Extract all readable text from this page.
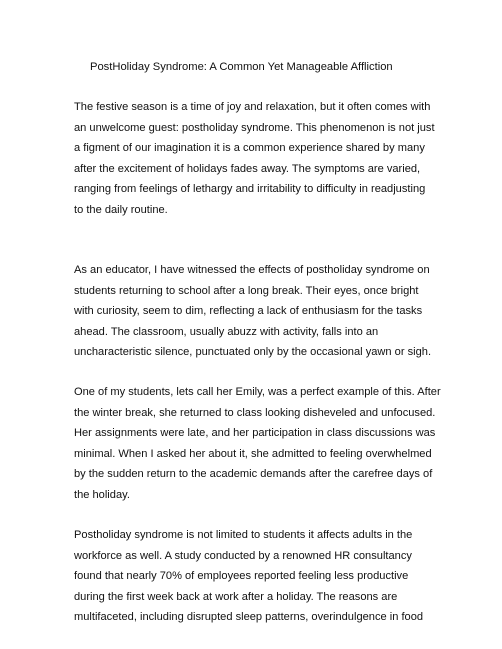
PostHoliday Syndrome: A Common Yet Manageable Affliction

The festive season is a time of joy and relaxation, but it often comes with
an unwelcome guest: postholiday syndrome. This phenomenon is not just
a figment of our imagination it is a common experience shared by many
after the excitement of holidays fades away. The symptoms are varied,
ranging from feelings of lethargy and irritability to difficulty in readjusting
to the daily routine.

As an educator, I have witnessed the effects of postholiday syndrome on
students returning to school after a long break. Their eyes, once bright
with curiosity, seem to dim, reflecting a lack of enthusiasm for the tasks
ahead. The classroom, usually abuzz with activity, falls into an
uncharacteristic silence, punctuated only by the occasional yawn or sigh.

One of my students, lets call her Emily, was a perfect example of this. After
the winter break, she returned to class looking disheveled and unfocused.
Her assignments were late, and her participation in class discussions was
minimal. When I asked her about it, she admitted to feeling overwhelmed
by the sudden return to the academic demands after the carefree days of
the holiday.

Postholiday syndrome is not limited to students it affects adults in the
workforce as well. A study conducted by a renowned HR consultancy
found that nearly 70% of employees reported feeling less productive
during the first week back at work after a holiday. The reasons are
multifaceted, including disrupted sleep patterns, overindulgence in food
